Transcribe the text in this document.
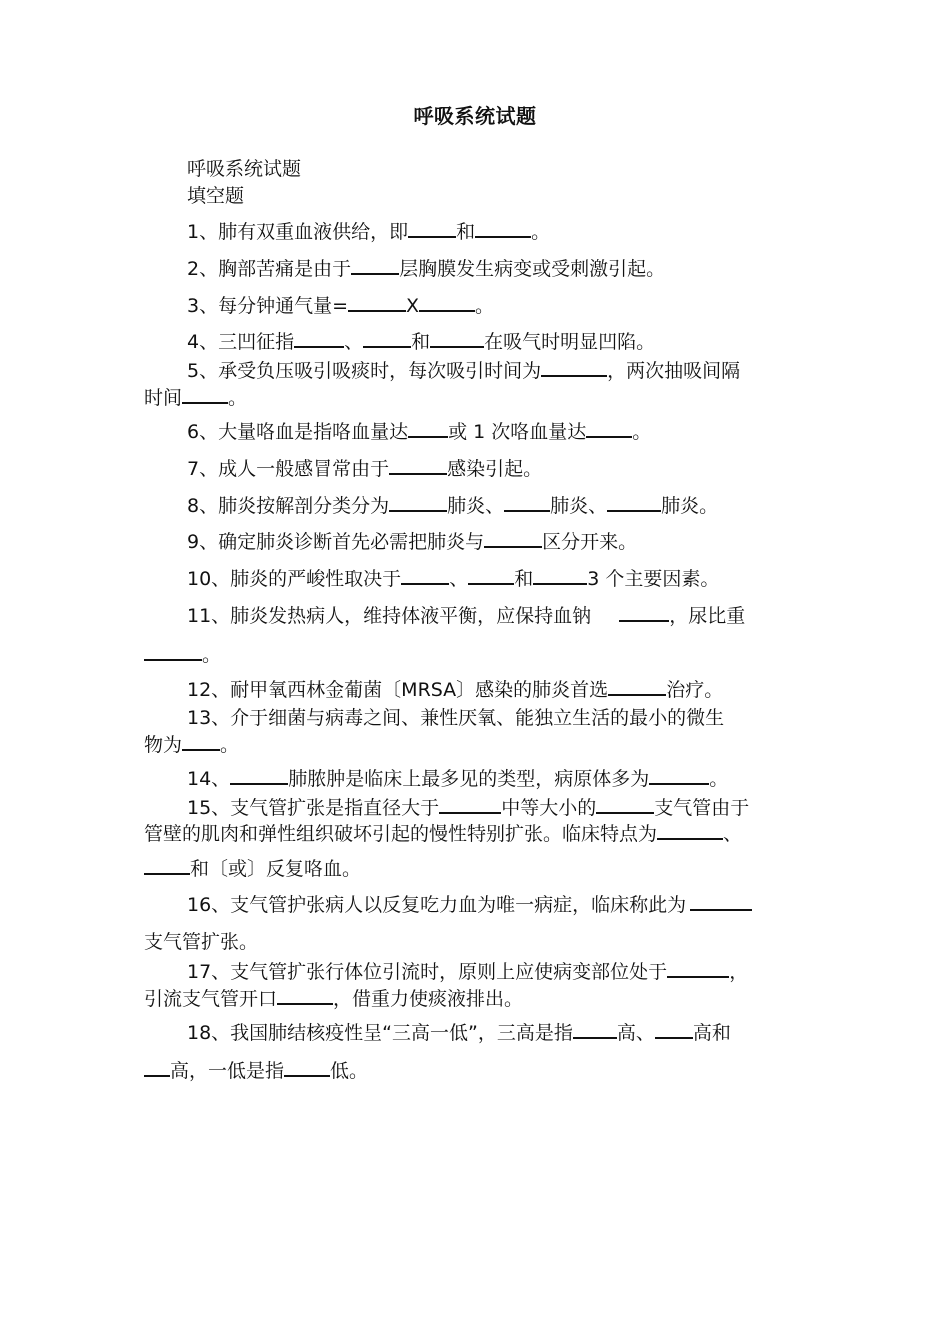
呼吸系统试题
呼吸系统试题
填空题
1、肺有双重血液供给，即	和	。
2、胸部苦痛是由于	层胸膜发生病变或受刺激引起。
3、每分钟通气量=	X	。
4、三凹征指	、	和	在吸气时明显凹陷。
5、承受负压吸引吸痰时，每次吸引时间为	，两次抽吸间隔
时间 。
6、大量咯血是指咯血量达 或 1 次咯血量达 。
7、成人一般感冒常由于	感染引起。
8、肺炎按解剖分类分为	肺炎、 肺炎、	肺炎。
9、确定肺炎诊断首先必需把肺炎与	区分开来。
10、肺炎的严峻性取决于	、 和	3 个主要因素。
11、肺炎发热病人，维持体液平衡，应保持血钠	，尿比重
。
12、耐甲氧西林金葡菌〔MRSA〕感染的肺炎首选	治疗。
13、介于细菌与病毒之间、兼性厌氧、能独立生活的最小的微生
物为 。
14、	肺脓肿是临床上最多见的类型，病原体多为	。
15、支气管扩张是指直径大于	中等大小的	支气管由于
管壁的肌肉和弹性组织破坏引起的慢性特别扩张。临床特点为	、
和〔或〕反复咯血。
16、支气管护张病人以反复吃力血为唯一病症，临床称此为
支气管扩张。
17、支气管扩张行体位引流时，原则上应使病变部位处于	，
引流支气管开口	，借重力使痰液排出。
18、我国肺结核疫性呈“三高一低”，三高是指 高、 高和
高，一低是指 低。
